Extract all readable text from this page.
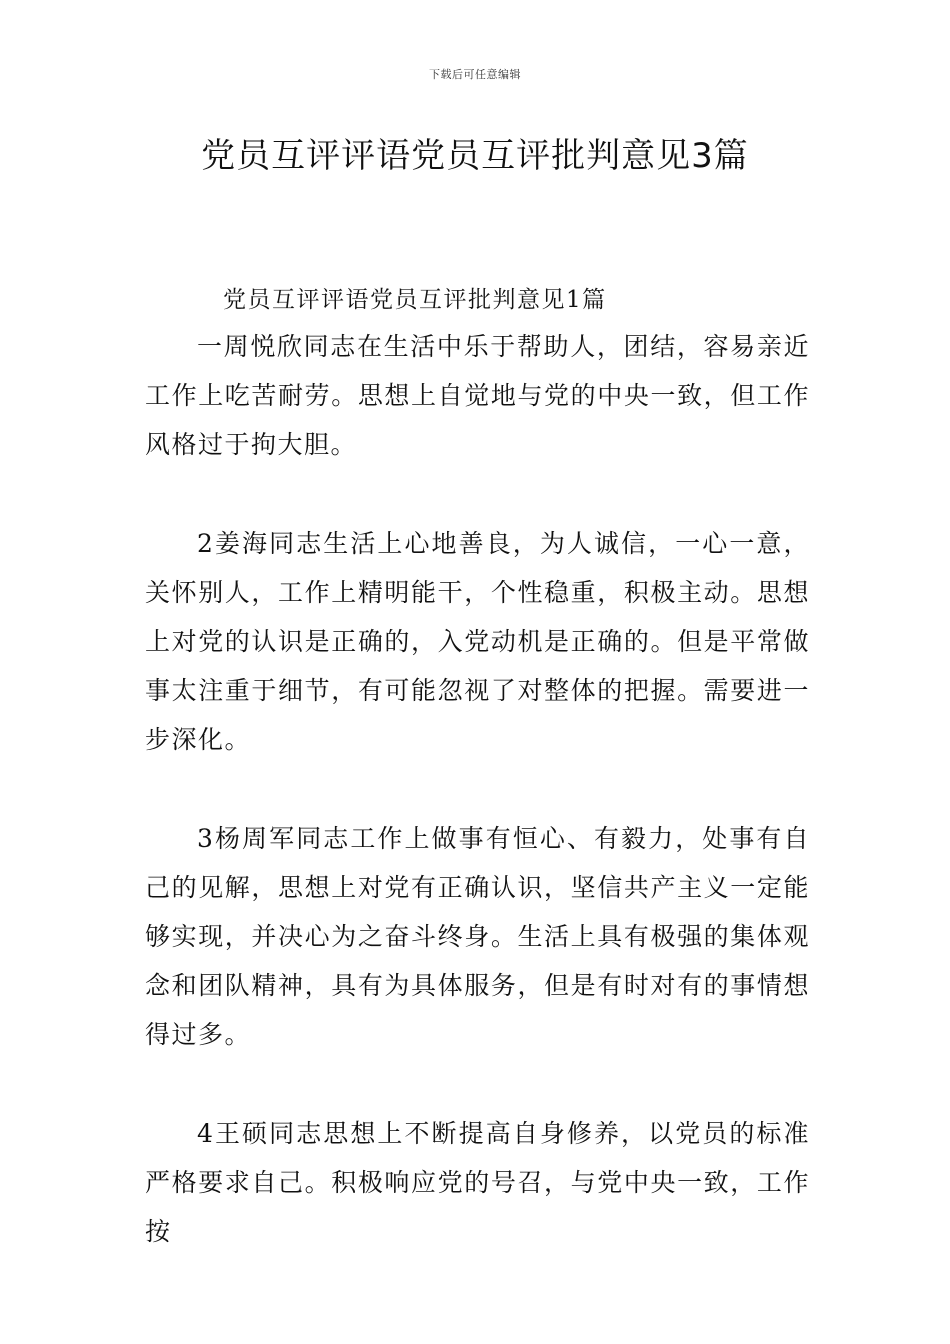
下载后可任意编辑
党员互评评语党员互评批判意见3篇
党员互评评语党员互评批判意见1篇

一周悦欣同志在生活中乐于帮助人，团结，容易亲近工作上吃苦耐劳。思想上自觉地与党的中央一致，但工作风格过于拘大胆。

2姜海同志生活上心地善良，为人诚信，一心一意，关怀别人，工作上精明能干，个性稳重，积极主动。思想上对党的认识是正确的，入党动机是正确的。但是平常做事太注重于细节，有可能忽视了对整体的把握。需要进一步深化。

3杨周军同志工作上做事有恒心、有毅力，处事有自己的见解，思想上对党有正确认识，坚信共产主义一定能够实现，并决心为之奋斗终身。生活上具有极强的集体观念和团队精神，具有为具体服务，但是有时对有的事情想得过多。

4王硕同志思想上不断提高自身修养，以党员的标准严格要求自己。积极响应党的号召，与党中央一致，工作按
